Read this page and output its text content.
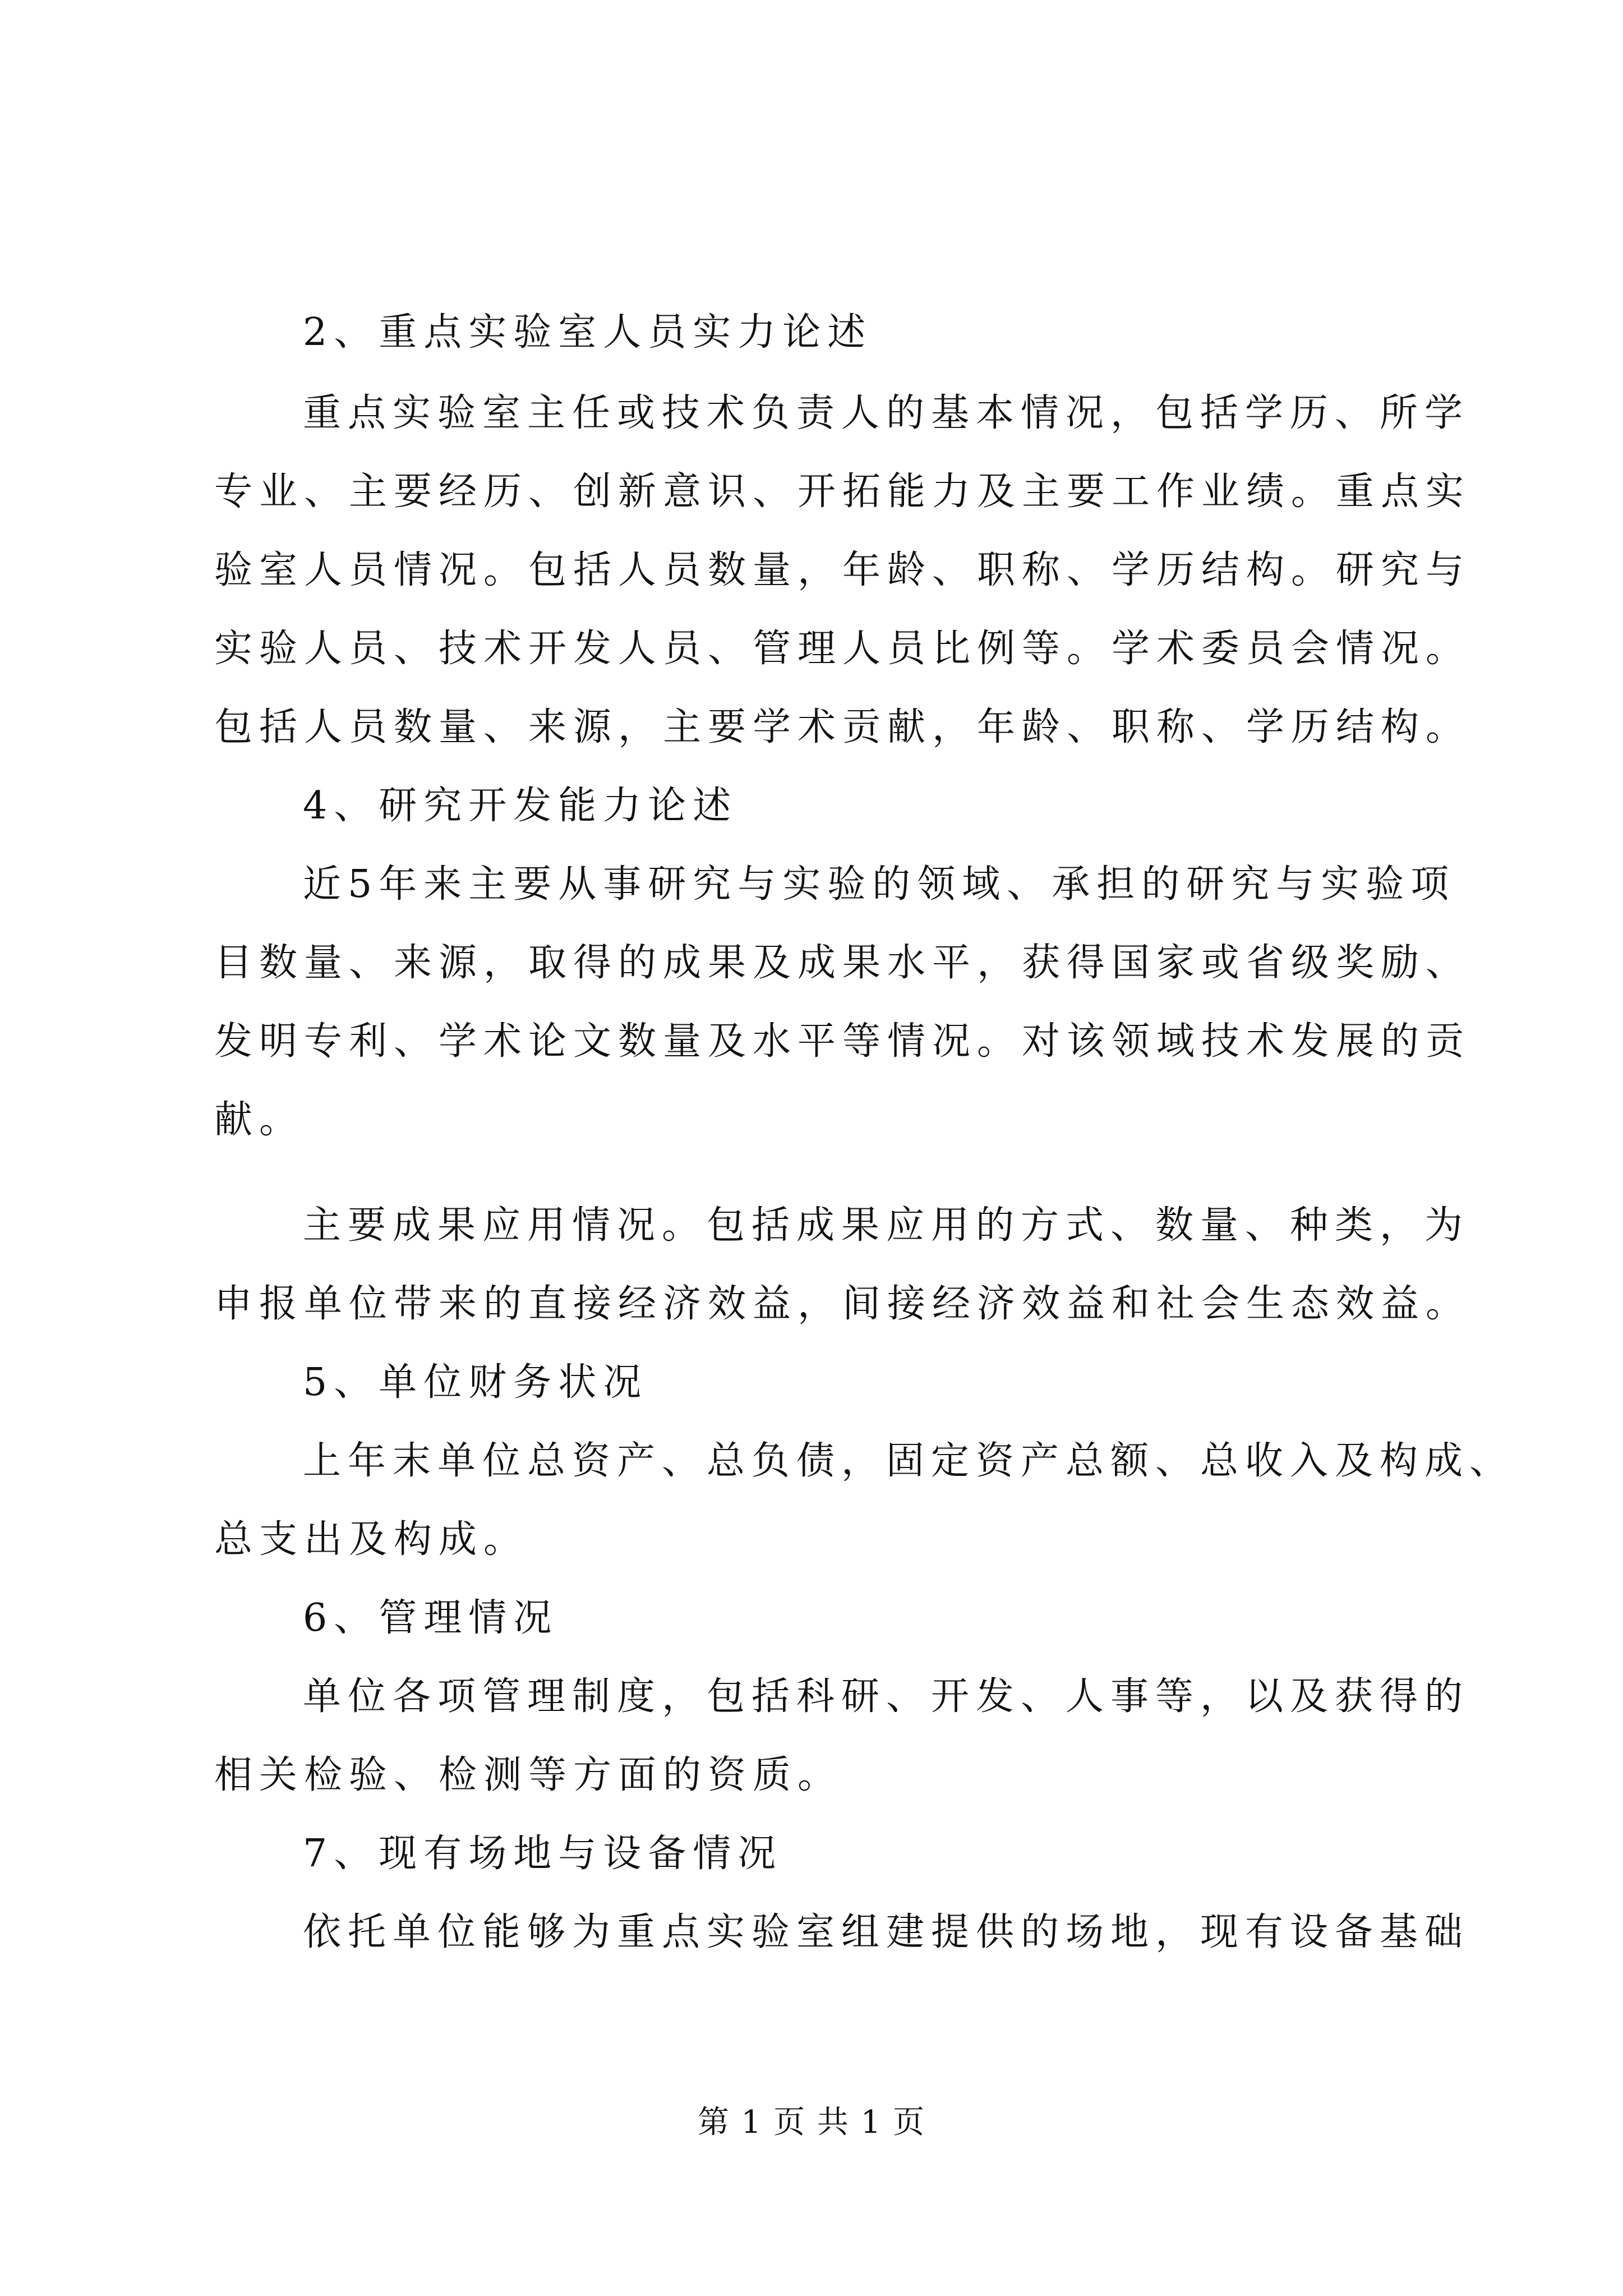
2、重点实验室人员实力论述
重点实验室主任或技术负责人的基本情况，包括学历、所学
专业、主要经历、创新意识、开拓能力及主要工作业绩。重点实
验室人员情况。包括人员数量，年龄、职称、学历结构。研究与
实验人员、技术开发人员、管理人员比例等。学术委员会情况。
包括人员数量、来源，主要学术贡献，年龄、职称、学历结构。
4、研究开发能力论述
近5年来主要从事研究与实验的领域、承担的研究与实验项
目数量、来源，取得的成果及成果水平，获得国家或省级奖励、
发明专利、学术论文数量及水平等情况。对该领域技术发展的贡
献。
主要成果应用情况。包括成果应用的方式、数量、种类，为
申报单位带来的直接经济效益，间接经济效益和社会生态效益。
5、单位财务状况
上年末单位总资产、总负债，固定资产总额、总收入及构成、
总支出及构成。
6、管理情况
单位各项管理制度，包括科研、开发、人事等，以及获得的
相关检验、检测等方面的资质。
7、现有场地与设备情况
依托单位能够为重点实验室组建提供的场地，现有设备基础
第 1 页 共 1 页
